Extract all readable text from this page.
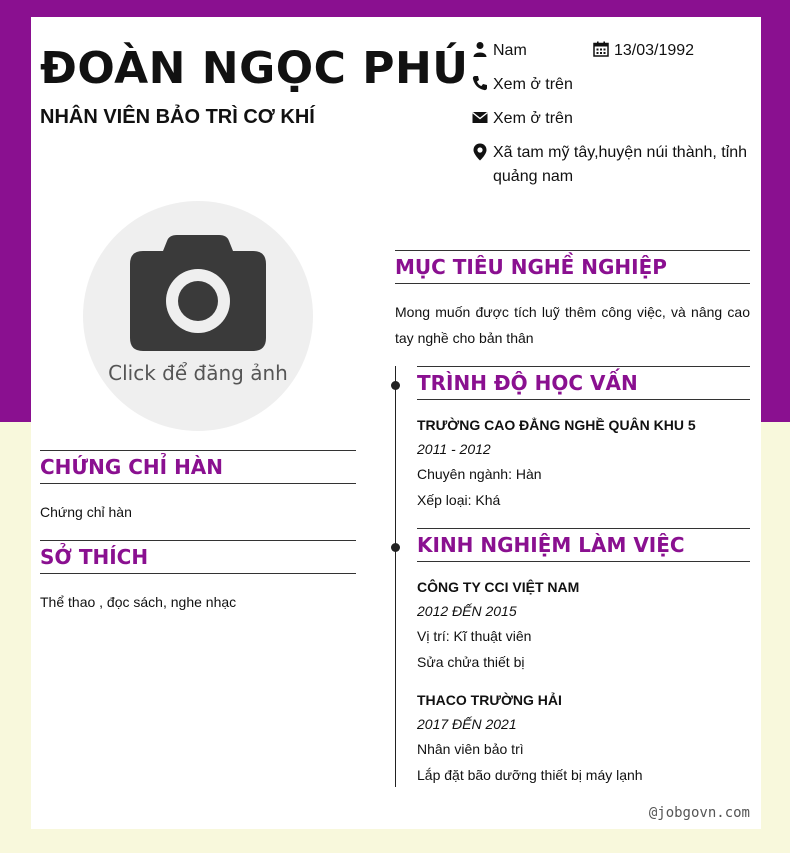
ĐOÀN NGỌC PHÚ
NHÂN VIÊN BẢO TRÌ CƠ KHÍ
Nam	13/03/1992
Xem ở trên
Xem ở trên
Xã tam mỹ tây,huyện núi thành, tỉnh quảng nam
Click để đăng ảnh
CHỨNG CHỈ HÀN
Chứng chỉ hàn
SỞ THÍCH
Thể thao , đọc sách, nghe nhạc
MỤC TIÊU NGHỀ NGHIỆP
Mong muốn được tích luỹ thêm công việc, và nâng cao tay nghề cho bản thân
TRÌNH ĐỘ HỌC VẤN
TRƯỜNG CAO ĐẲNG NGHỀ QUÂN KHU 5
2011 - 2012
Chuyên ngành: Hàn
Xếp loại: Khá
KINH NGHIỆM LÀM VIỆC
CÔNG TY CCI VIỆT NAM
2012 ĐẾN 2015
Vị trí: Kĩ thuật viên
Sửa chửa thiết bị
THACO TRƯỜNG HẢI
2017 ĐẾN 2021
Nhân viên bảo trì
Lắp đặt bão dưỡng thiết bị máy lạnh
@jobgovn.com
